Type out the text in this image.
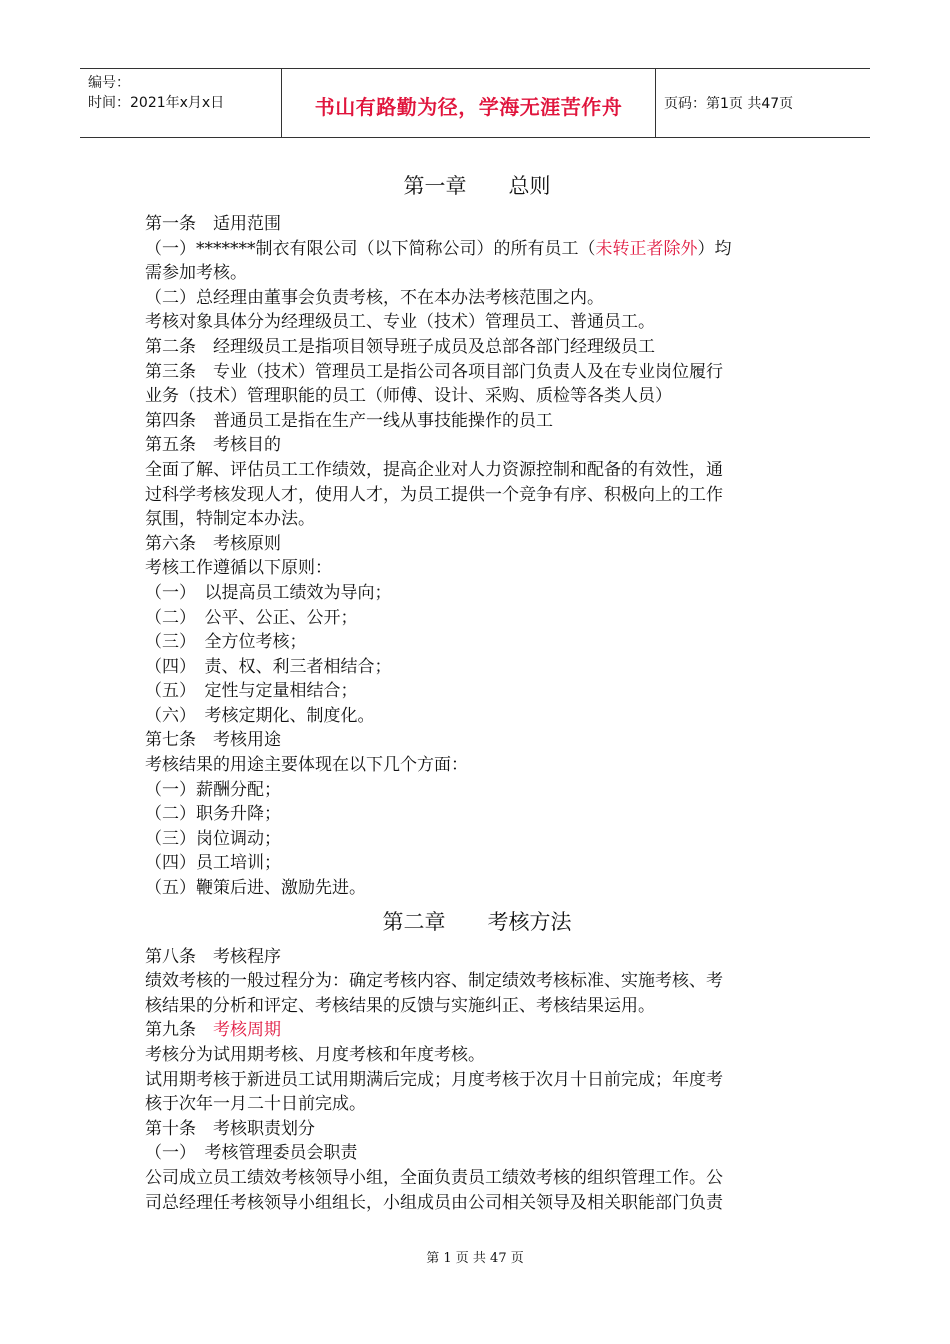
编号：
时间：2021年x月x日	书山有路勤为径，学海无涯苦作舟	页码：第1页 共47页

第一章　　总则

第一条　适用范围

（一）*******制衣有限公司（以下简称公司）的所有员工（未转正者除外）均

需参加考核。

（二）总经理由董事会负责考核，不在本办法考核范围之内。

考核对象具体分为经理级员工、专业（技术）管理员工、普通员工。

第二条　经理级员工是指项目领导班子成员及总部各部门经理级员工

第三条　专业（技术）管理员工是指公司各项目部门负责人及在专业岗位履行

业务（技术）管理职能的员工（师傅、设计、采购、质检等各类人员）

第四条　普通员工是指在生产一线从事技能操作的员工

第五条　考核目的

全面了解、评估员工工作绩效，提高企业对人力资源控制和配备的有效性，通

过科学考核发现人才，使用人才，为员工提供一个竞争有序、积极向上的工作

氛围，特制定本办法。

第六条　考核原则

考核工作遵循以下原则：

（一）　以提高员工绩效为导向；

（二）　公平、公正、公开；

（三）　全方位考核；

（四）　责、权、利三者相结合；

（五）　定性与定量相结合；

（六）　考核定期化、制度化。

第七条　考核用途

考核结果的用途主要体现在以下几个方面：

（一）薪酬分配；

（二）职务升降；

（三）岗位调动；

（四）员工培训；

（五）鞭策后进、激励先进。

第二章　　考核方法

第八条　考核程序

绩效考核的一般过程分为：确定考核内容、制定绩效考核标准、实施考核、考

核结果的分析和评定、考核结果的反馈与实施纠正、考核结果运用。

第九条　考核周期

考核分为试用期考核、月度考核和年度考核。

试用期考核于新进员工试用期满后完成；月度考核于次月十日前完成；年度考

核于次年一月二十日前完成。

第十条　考核职责划分

（一）　考核管理委员会职责

公司成立员工绩效考核领导小组，全面负责员工绩效考核的组织管理工作。公

司总经理任考核领导小组组长，小组成员由公司相关领导及相关职能部门负责

第 1 页 共 47 页
